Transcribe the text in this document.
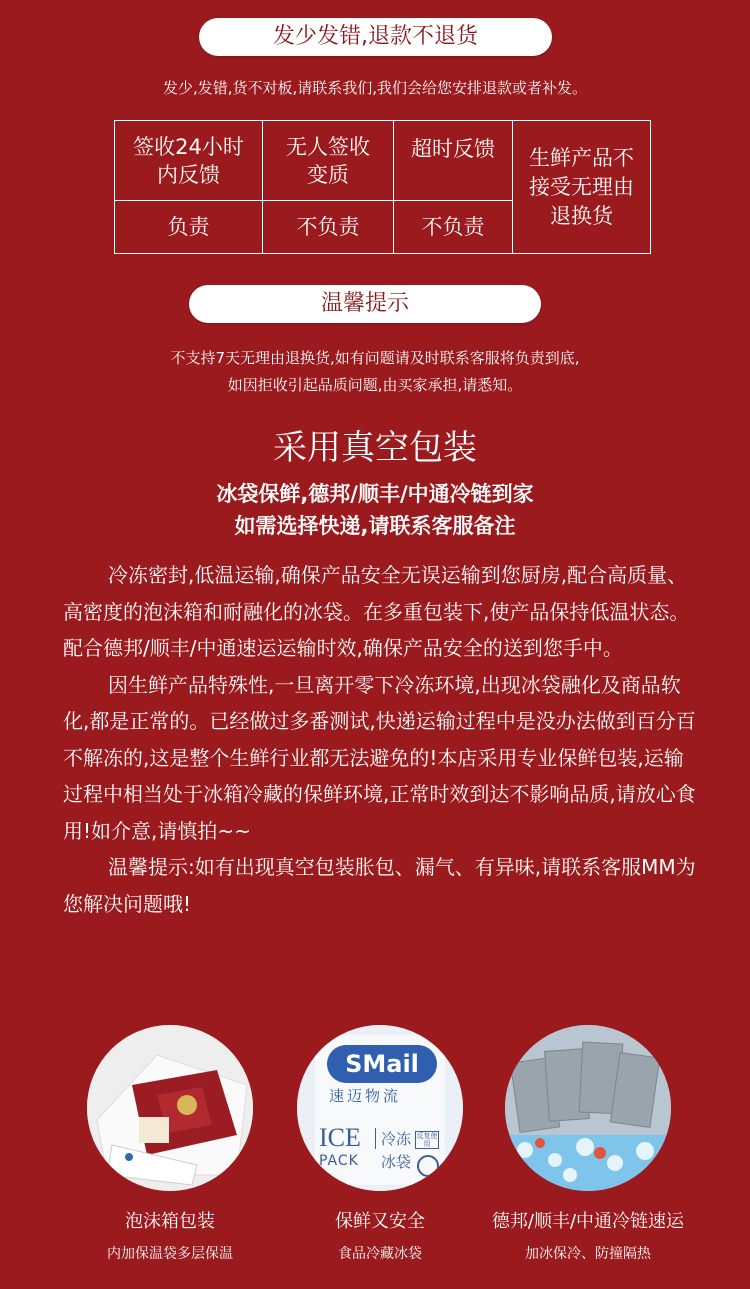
发少发错,退款不退货
发少,发错,货不对板,请联系我们,我们会给您安排退款或者补发。
签收24小时内反馈	无人签收变质	超时反馈	生鲜产品不接受无理由退换货

负责	不负责	不负责	
温馨提示
不支持7天无理由退换货,如有问题请及时联系客服将负责到底,
如因拒收引起品质问题,由买家承担,请悉知。
采用真空包装
冰袋保鲜,德邦/顺丰/中通冷链到家
如需选择快递,请联系客服备注

冷冻密封,低温运输,确保产品安全无误运输到您厨房,配合高质量、高密度的泡沫箱和耐融化的冰袋。在多重包装下,使产品保持低温状态。配合德邦/顺丰/中通速运运输时效,确保产品安全的送到您手中。

因生鲜产品特殊性,一旦离开零下冷冻环境,出现冰袋融化及商品软化,都是正常的。已经做过多番测试,快递运输过程中是没办法做到百分百不解冻的,这是整个生鲜行业都无法避免的!本店采用专业保鲜包装,运输过程中相当处于冰箱冷藏的保鲜环境,正常时效到达不影响品质,请放心食用!如介意,请慎拍~~

温馨提示:如有出现真空包装胀包、漏气、有异味,请联系客服MM为您解决问题哦!

SMail
速迈物流
ICE
PACK
冷冻
冰袋
反复使用
泡沫箱包装
内加保温袋多层保温
保鲜又安全
食品冷藏冰袋
德邦/顺丰/中通冷链速运
加冰保冷、防撞隔热
